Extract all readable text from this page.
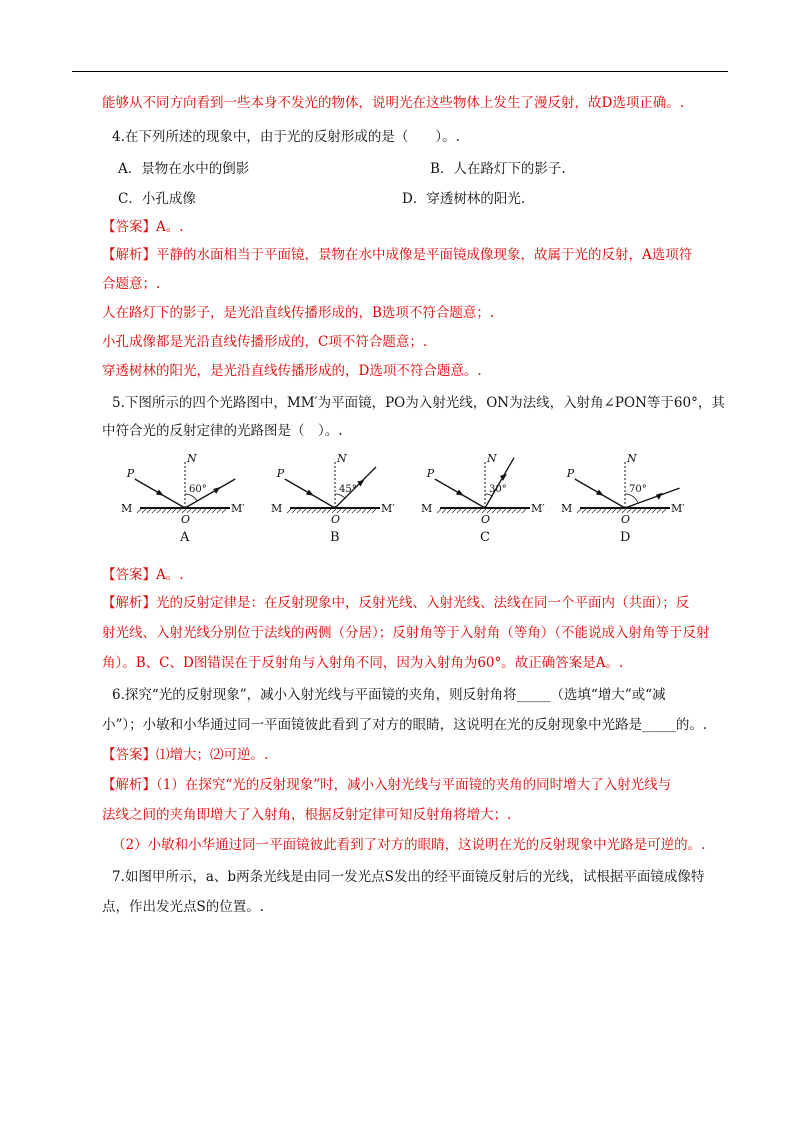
能够从不同方向看到一些本身不发光的物体，说明光在这些物体上发生了漫反射，故D选项正确。.
4.在下列所述的现象中，由于光的反射形成的是（　　）。.
A．景物在水中的倒影	B．人在路灯下的影子.
C．小孔成像	D．穿透树林的阳光.
【答案】A。.
【解析】平静的水面相当于平面镜，景物在水中成像是平面镜成像现象，故属于光的反射，A选项符
合题意；.
人在路灯下的影子，是光沿直线传播形成的，B选项不符合题意；.
小孔成像都是光沿直线传播形成的，C项不符合题意；.
穿透树林的阳光，是光沿直线传播形成的，D选项不符合题意。.
5.下图所示的四个光路图中，MM′为平面镜，PO为入射光线，ON为法线，入射角∠PON等于60°，其
中符合光的反射定律的光路图是（　）。.
P
N
M	M′
O
60°
A
P
N
M	M′
O
45°
B
P
N
M	M′
O
30°
C
P
N
M	M′
O
70°
D
【答案】A。.
【解析】光的反射定律是：在反射现象中，反射光线、入射光线、法线在同一个平面内（共面）；反
射光线、入射光线分别位于法线的两侧（分居）；反射角等于入射角（等角）（不能说成入射角等于反射
角）。B、C、D图错误在于反射角与入射角不同，因为入射角为60°。故正确答案是A。.
6.探究“光的反射现象”，减小入射光线与平面镜的夹角，则反射角将_____（选填“增大”或“减
小”）；小敏和小华通过同一平面镜彼此看到了对方的眼睛，这说明在光的反射现象中光路是_____的。.
【答案】⑴增大；⑵可逆。.
【解析】（1）在探究“光的反射现象”时，减小入射光线与平面镜的夹角的同时增大了入射光线与
法线之间的夹角即增大了入射角，根据反射定律可知反射角将增大；.
（2）小敏和小华通过同一平面镜彼此看到了对方的眼睛，这说明在光的反射现象中光路是可逆的。.
7.如图甲所示，a、b两条光线是由同一发光点S发出的经平面镜反射后的光线，试根据平面镜成像特
点，作出发光点S的位置。.
